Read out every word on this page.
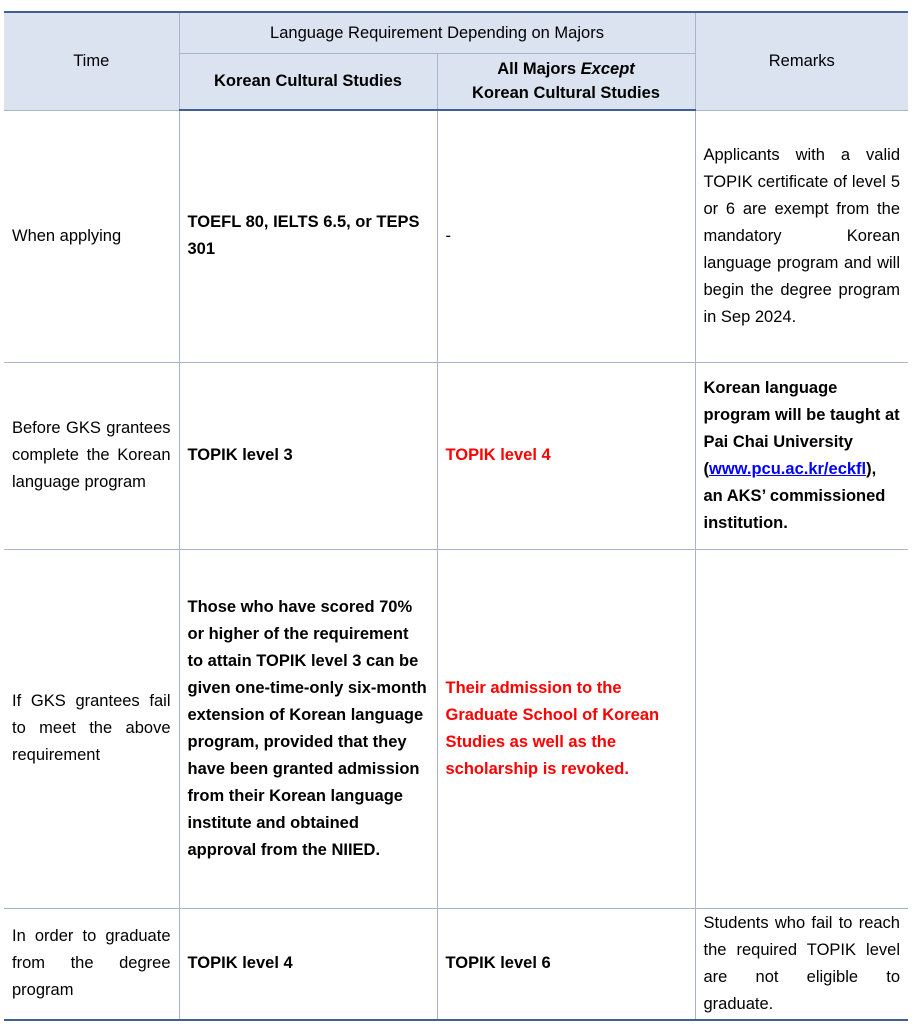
Time	Language Requirement Depending on Majors		Remarks
	Korean Cultural Studies	All Majors Except
Korean Cultural Studies	
When applying	TOEFL 80, IELTS 6.5, or TEPS 301	-	Applicants with a valid TOPIK certificate of level 5 or 6 are exempt from the mandatory Korean language program and will begin the degree program in Sep 2024.
Before GKS grantees complete the Korean language program	TOPIK level 3	TOPIK level 4	Korean language program will be taught at Pai Chai University (www.pcu.ac.kr/eckfl), an AKS’ commissioned institution.
If GKS grantees fail to meet the above requirement	Those who have scored 70% or higher of the requirement to attain TOPIK level 3 can be given one-time-only six-month extension of Korean language program, provided that they have been granted admission from their Korean language institute and obtained approval from the NIIED.	Their admission to the Graduate School of Korean Studies as well as the scholarship is revoked.	
In order to graduate from the degree program	TOPIK level 4	TOPIK level 6	Students who fail to reach the required TOPIK level are not eligible to graduate.
